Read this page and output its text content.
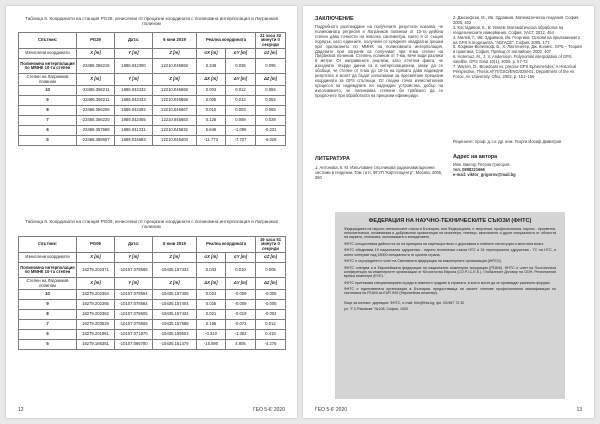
Таблица 5. Координати на станция PG29, изчислени от прецизни координати с полиномна интерполация и Лагранжов полином
Спътник:	PG29	Дата:	6 юни 2019	Реална координата		21 часа 32 минути 0 секунди
Изчислени координати	X [m]	Y [m]	Z [m]	σX [m]	σY [m]	σZ [m]
Полиномна интерполация по ММНК 10-та степен	-23486.356215	1888.042390	12210.045668	0.348	0.036	0.095
Степен на Лагранжов полином	X [m]	Y [m]	Z [m]	ΔX [m]	ΔY [m]	ΔZ [m]
10	-23486.356211	1888.042432	12210.045668	0.004	0.012	0.084
9	-23486.356211	1888.042433	12210.045668	0.005	0.013	0.084
8	-23486.356206	1888.042392	12210.045667	0.010	0.003	0.083
7	-23486.356220	1888.042455	12210.045683	0.126	0.069	0.029
6	-23486.357569	1888.041231	12210.045632	5.646	-1.096	-0.231
5	-23486.368667	1888.034683	12210.045403	-11.773	-7.707	-6.026
Таблица 6. Координати на станция PG09, изчислени от прецизни координати с полиномна интерполация и Лагранжов полином
Спътник:	PG09	Дата:	6 юни 2019	Реална координата		19 часа 51 минути 0 секунди
Изчислени координати	X [m]	Y [m]	Z [m]	σX [m]	σY [m]	σZ [m]
Полиномна интерполация по ММНК 10-та степен	16279.202371	-10107.078566	-19435.157433	0.043	0.010	0.005
Степен на Лагранжов полином	X [m]	Y [m]	Z [m]	ΔX [m]	ΔY [m]	ΔZ [m]
10	16279.202364	-10107.078564	-19435.157406	0.024	-0.009	-0.005
9	16279.202365	-10107.078564	-19435.157404	0.025	-0.009	-0.005
8	16279.202362	-10107.078605	-19435.157434	0.021	-0.019	-0.004
7	16279.203529	-10107.078609	-19435.157588	0.195	-0.072	0.012
6	16279.201961	-10107.071970	-19435.159502	-0.310	-1.392	0.418
5	16279.186361	-10107.065780	-19435.161479	-15.890	4.805	-4.276
12	ГЕО 5-6' 2020
ЗАКЛЮЧЕНИЕ
Подробното разглеждане на получените резултати показва, че полиномната регресия и Лагранжов полином от 10-та дейбна степен дава точности на няколко сантиметра, които я от същия порядък, като единните, получени от средните квадратни грешки при прилагането по ММНК на полиномната интерполация. Дадените при лагранж са получават при 8-ма степен на Лагранжов полином. Степень полином от 7-ма, вече води разлики в метри. От направените анализи, като отчетем факта, че изходните твърди данни са в интерполационни, може да се обобщи, че степен от 6-ма до 10-та на пряката дава надеждни резултати и могат да бъдат използвани за пресмятане прецизни координати за GPS спътници. От гледна точка изчислителния процесса на надеждните на надеждни устройства, добър на използването, че полиномна степени би трябвало да се предпочете при обработката на прецизни ефемериди.
ЛИТЕРАТУРА
1. Антонова, К. М. Използване спътникова радионавигационни системи в геодезии. Том I и II, ФГУП "Картгеоцентр", Москва, 2005, 360
2. Джозефски, М., Ив. Здравков. Математическа геодезия. София, 2005, 402
3. Костадинов, К., В. Илиев, Математическа обработка на геодезическите измервания. София, УАСГ, 2012, 464
4. Милев, Г., Ив. Здравков, Ив. Георгиев. Основи на приложението на GPS в геодезията. "АВГАСЕ", София, 2005, 177
5. Хофман-Веленхоф, Б., Х. Лихтенегер, Дж. Колинс. GPS – Теория и практика, София, Превод от английски, 2002, 407
6. Horemuz, M., J. V. Andersson. Polynomial interpolation of GPS satellite, GPS Solut 10(1), 2006, p. 67-72
7. Warren, D., Broadcast vs. precise GPS Ephemerides: A Historical Perspective, Thesis AFIT/GSO/ENG/02M-01, Department of the Air Force, Air University, Ohio, 2002, p. 151–156
Рецензент: проф. д.т.н. др. инж. Георги Йосиф Димитров
Адрес на автора
Инж. Виктор Петров Григоров
тел. 0898221666
e-mail: viktor_grigorov@mail.bg
ФЕДЕРАЦИЯ НА НАУЧНО-ТЕХНИЧЕСКИТЕ СЪЮЗИ (ФНТС)

Федерацията на научно-техническите съюзи в България, или Федерацията, е творческа, професионална, научно - просветна, неполитическа, независима и доброволна организация на инженери, техници, икономисти и други специалисти от областта на науката, техниката, икономиката и земеделието.

ФНТС осъществява дейността си на принципа на партньорството с държавата и нейните институции и местната власт.

ФНТС обединява 19 национални сдружения - научно-технически съюзи НТС и 34 териториални сдружения - ТС на НТС, в които членуват над 15000 специалисти от цялата страна.

ФНТС е съучредител и член на Световната федерация на инженерните организации (WFEO).

ФНТС членува и в Европейската федерация на национални инженерни асоциации (FEANI), ФНТС е член на Постоянната конференция на инженерните организации от Югоизточна Европа (CO.P.I.C.E.E.), Глобалният Договор на ООН, Регионалния мрежа инженери (EYE).

ФНТС притежава специализирани сгради в повечето градове в страната, в които могат да се провеждат различни форуми.

ФНТС е единствената организация в България, предоставяща на своите членове професионални квалификации по системата на FEANI за EUR ING (Европейски инженер).

Лице за контакт: дирекция: ФНТС, e-mail: fnts@fnts.bg, фн. 02/987 72 30

ул. "Г.С.Раковски" №108, София, 1000

ГЕО 5-6' 2020	13
